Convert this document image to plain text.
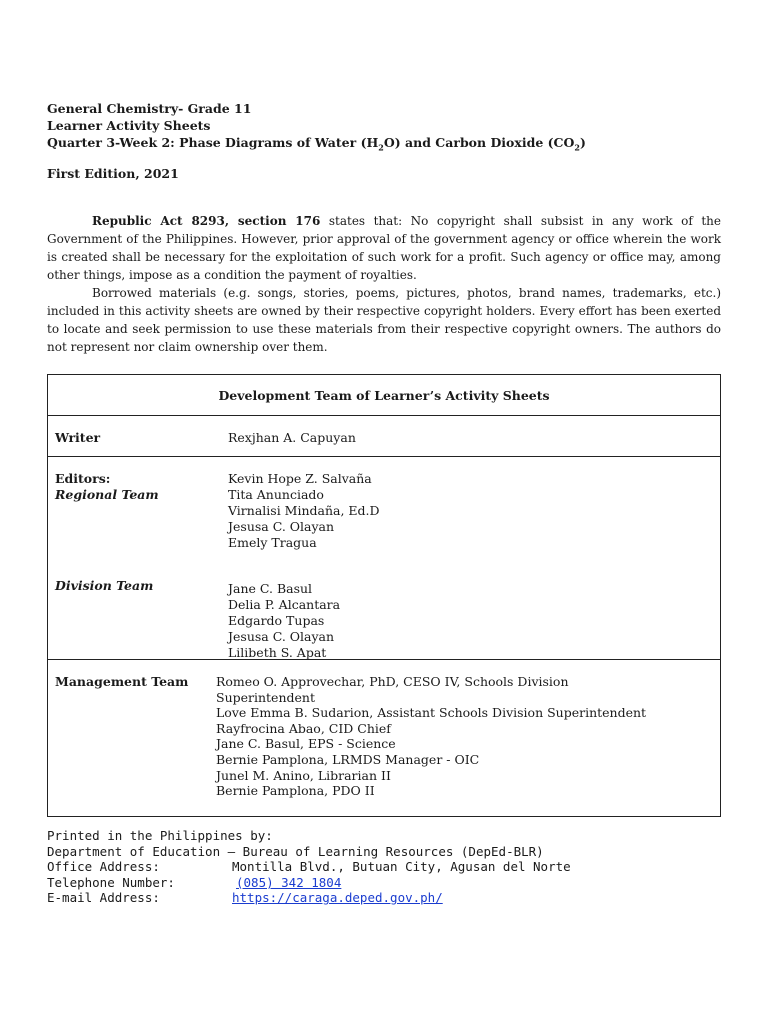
General Chemistry- Grade 11
Learner Activity Sheets
Quarter 3-Week 2: Phase Diagrams of Water $(H_2O)$ and Carbon Dioxide $(CO_2)$
First Edition, 2021

Republic Act 8293, section 176 states that: No copyright shall subsist in any work of the Government of the Philippines. However, prior approval of the government agency or office wherein the work is created shall be necessary for the exploitation of such work for a profit. Such agency or office may, among other things, impose as a condition the payment of royalties.

Borrowed materials (e.g. songs, stories, poems, pictures, photos, brand names, trademarks, etc.) included in this activity sheets are owned by their respective copyright holders. Every effort has been exerted to locate and seek permission to use these materials from their respective copyright owners. The authors do not represent nor claim ownership over them.

Development Team of Learner’s Activity Sheets
Writer	Rexjhan A. Capuyan
Editors:
Regional Team
Kevin Hope Z. Salvaña
Tita Anunciado
Virnalisi Mindaña, Ed.D
Jesusa C. Olayan
Emely Tragua
Division Team	Jane C. Basul
Delia P. Alcantara
Edgardo Tupas
Jesusa C. Olayan
Lilibeth S. Apat
Management Team Romeo O. Approvechar, PhD, CESO IV, Schools Division
Superintendent
Love Emma B. Sudarion, Assistant Schools Division Superintendent
Rayfrocina Abao, CID Chief
Jane C. Basul, EPS - Science
Bernie Pamplona, LRMDS Manager - OIC
Junel M. Anino, Librarian II
Bernie Pamplona, PDO II
Printed in the Philippines by:
Department of Education – Bureau of Learning Resources (DepEd-BLR)
Office Address:	Montilla Blvd., Butuan City, Agusan del Norte
Telephone Number:	(085) 342 1804
E-mail Address:	https://caraga.deped.gov.ph/
